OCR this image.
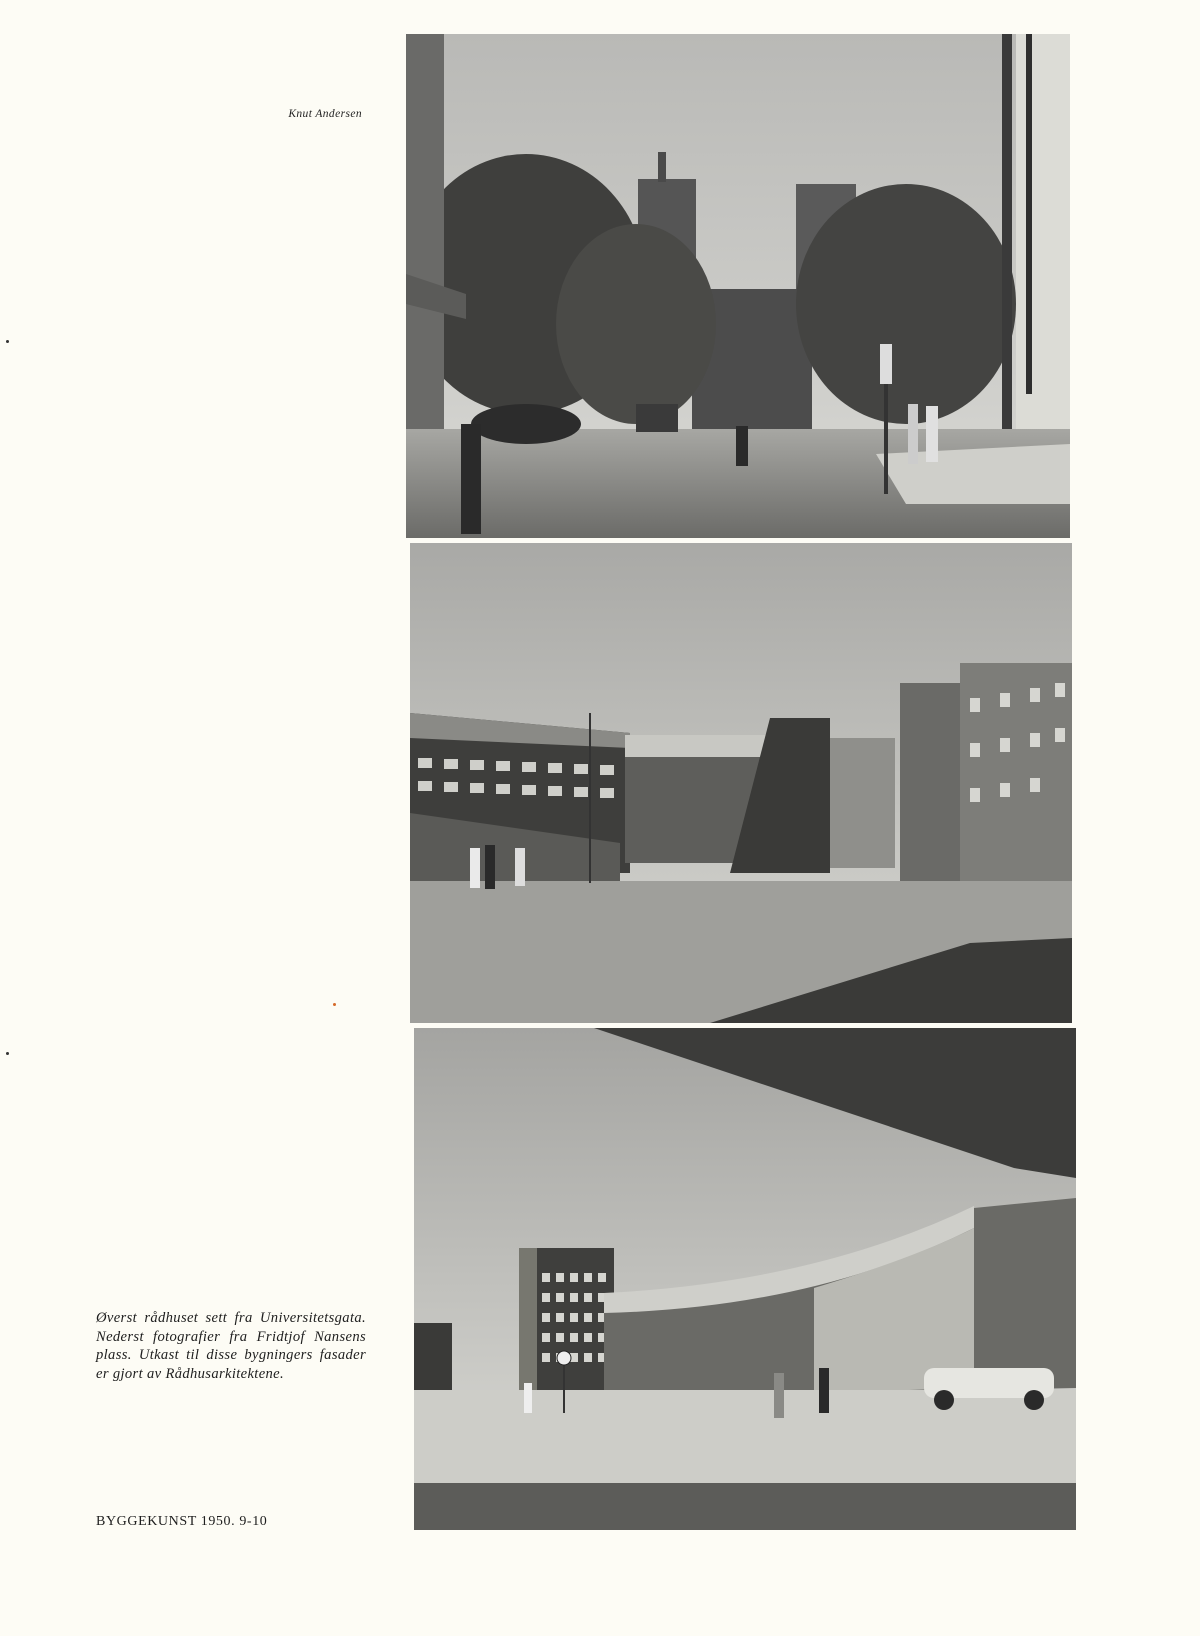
Knut Andersen
Øverst rådhuset sett fra Universitetsgata. Nederst fotografier fra Fridtjof Nansens plass. Utkast til disse bygningers fasader er gjort av Rådhusarkitektene.
BYGGEKUNST 1950. 9-10
